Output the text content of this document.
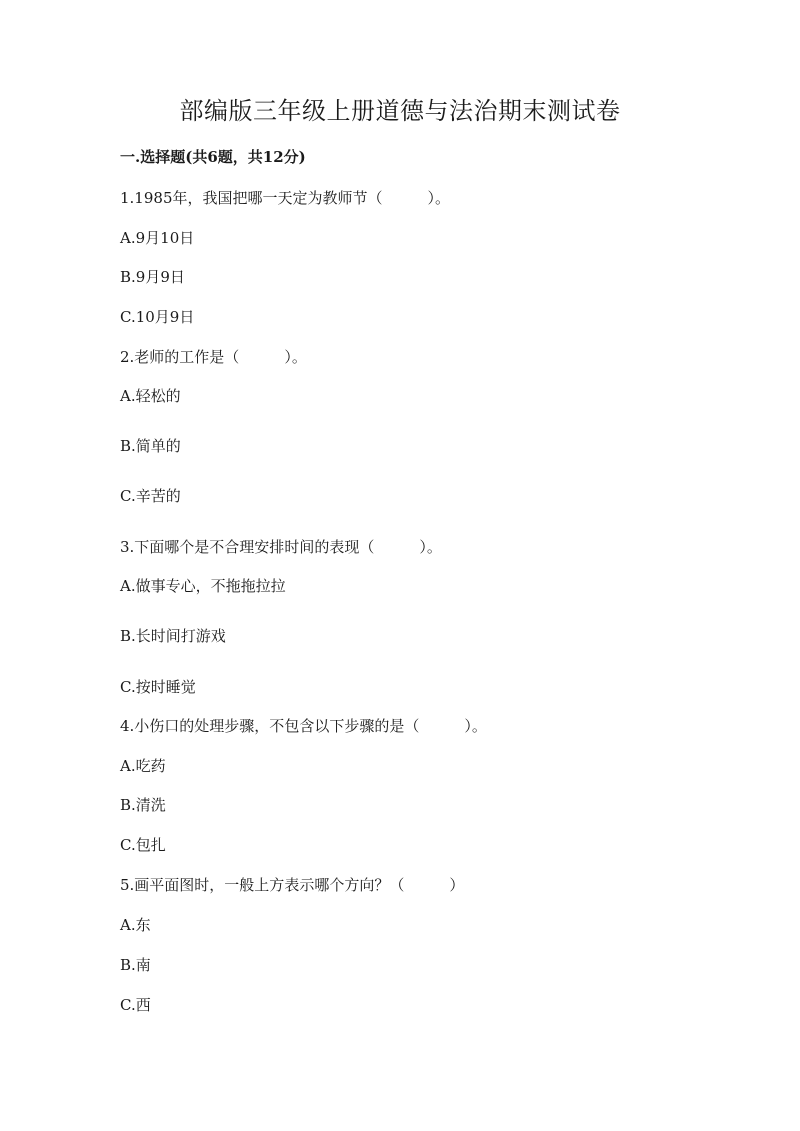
部编版三年级上册道德与法治期末测试卷
一.选择题(共6题，共12分)
1.1985年，我国把哪一天定为教师节（　　　）。
A.9月10日
B.9月9日
C.10月9日
2.老师的工作是（　　　）。
A.轻松的
B.简单的
C.辛苦的
3.下面哪个是不合理安排时间的表现（　　　）。
A.做事专心，不拖拖拉拉
B.长时间打游戏
C.按时睡觉
4.小伤口的处理步骤，不包含以下步骤的是（　　　）。
A.吃药
B.清洗
C.包扎
5.画平面图时，一般上方表示哪个方向？（　　　）
A.东
B.南
C.西
